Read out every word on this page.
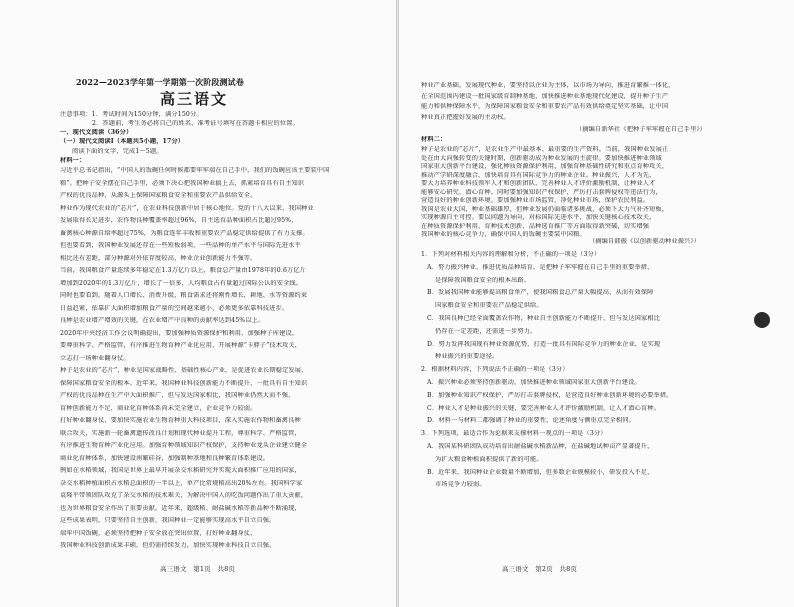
2022—2023学年第一学期第一次阶段测试卷
高三语文
注意事项：1．考试时间为150分钟，满分150分。
2．答题前，考生务必将自己的姓名、准考证号填写在答题卡相应的位置。
一、现代文阅读（36分）
（一）现代文阅读Ⅰ（本题共5小题，17分）
阅读下面的文字，完成1～5题。
材料一：
习近平总书记指出，“中国人的饭碗任何时候都要牢牢端在自己手中，我们的饭碗应该主要装中国
粮”。把种子安全摆在自己手里，必须下决心把我国种业搞上去，抓紧培育具有自主知识
产权的优良品种，从源头上保障国家粮食安全和重要农产品供给安全。
种业作为现代农业的“芯片”，在农业科技创新中居于核心地位。党的十八大以来，我国种业
发展取得长足进步，农作物良种覆盖率超过96%，自主选育品种面积占比超过95%，
畜禽核心种源自给率超过75%，为粮食连年丰收和重要农产品稳定供给提供了有力支撑。
但也要看到，我国种业发展还存在一些短板弱项，一些品种的单产水平与国际先进水平
相比还有差距，部分种源对外依存度较高，种业企业创新能力不强等。
当前，我国粮食产量连续多年稳定在1.3万亿斤以上，粮食总产量由1978年的0.6万亿斤
增加到2020年的1.3万亿斤，增长了一倍多，人均粮食占有量超过国际公认的安全线。
同时也要看到，随着人口增长、消费升级，粮食需求还将刚性增长，耕地、水等资源约束
日益趋紧，依靠扩大面积增加粮食产量的空间越来越小，必须更多依靠科技进步。
良种是农业增产增效的关键，在农业增产中良种的贡献率达到45%以上。
2020年中央经济工作会议明确提出，要加强种质资源保护和利用，加强种子库建设，
要尊重科学、严格监管，有序推进生物育种产业化应用，开展种源“卡脖子”技术攻关，
立志打一场种业翻身仗。
种子是农业的“芯片”，种业是国家战略性、基础性核心产业，是促进农业长期稳定发展、
保障国家粮食安全的根本。近年来，我国种业科技创新能力不断提升，一批具有自主知识
产权的优良品种在生产中大面积推广，但与发达国家相比，我国种业仍然大而不强，
育种创新能力不足，商业化育种体系尚未完全建立，企业竞争力较弱。
打好种业翻身仗，要加快实施农业生物育种重大科技项目，深入实施农作物和畜禽良种
联合攻关，实施新一轮畜禽遗传改良计划和现代种业提升工程，尊重科学、严格监管，
有序推进生物育种产业化应用。加强育种领域知识产权保护，支持种业龙头企业建立健全
商业化育种体系，加快建设南繁硅谷，加强制种基地和良种繁育体系建设。
例如在水稻领域，我国是世界上最早开展杂交水稻研究并实现大面积推广应用的国家，
杂交水稻种植面积占水稻总面积的一半以上，单产比常规稻高出20%左右。我国科学家
袁隆平带领团队攻克了杂交水稻的技术难关，为解决中国人的吃饭问题作出了重大贡献，
也为世界粮食安全作出了重要贡献。近年来，超级稻、耐盐碱水稻等新品种不断涌现，
这些成果表明，只要坚持自主创新，我国种业一定能够实现高水平自立自强。
端牢中国饭碗，必须坚持把种子安全放在突出位置，打好种业翻身仗，
我国种业科技创新成果丰硕，但仍需持续发力，加快实现种业科技自立自强。
高三语文　第1页　共8页
种业产业基础，发展现代种业，要坚持以企业为主体，以市场为导向，推进育繁推一体化，
在全国范围内建设一批国家级育制种基地，加快推进种业基地现代化建设，提升种子生产
能力和供种保障水平，为保障国家粮食安全和重要农产品有效供给奠定坚实基础，让中国
种业真正把握好发展的主动权。
（摘编自新华社《把种子牢牢握在自己手里》）
材料二：
种子是农业的“芯片”，是农业生产中最基本、最重要的生产资料。当前，我国种业发展正
处在由大向强转变的关键时期，创新驱动成为种业发展的主旋律。要加快推进种业领域
国家重大创新平台建设，强化种质资源保护利用，加强育种基础性研究和重点育种攻关，
推动产学研深度融合，加快培育具有国际竞争力的种业企业。种业振兴，人才为先，
要大力培养种业科技领军人才和创新团队，完善种业人才评价激励机制，让种业人才
能够安心研究、潜心育种。同时要加强知识产权保护，严厉打击套牌侵权等违法行为，
营造良好的种业创新环境。要加强种业市场监管，净化种业市场，保护农民利益。
我国是农业大国，种业基础雄厚，但种业发展仍面临诸多挑战，必须下大力气补齐短板，
实现种源自主可控。要以问题为导向，对标国际先进水平，加快关键核心技术攻关，
在种质资源保护利用、育种技术创新、品种选育推广等方面取得新突破，切实增强
我国种业的核心竞争力，确保中国人的饭碗主要装中国粮。
（摘编自韩振《以创新驱动种业振兴》）
1．下列对材料相关内容的理解和分析，不正确的一项是（3分）
A．努力振兴种业，推进优质品种培育，是把种子牢牢握在自己手里的重要举措，
是保障我国粮食安全的根本出路。
B．发展我国种业能够提高粮食单产，使我国粮食总产量大幅提高，从而有效保障
国家粮食安全和重要农产品稳定供给。
C．我国良种已经全面覆盖农作物，种业自主创新能力不断提升，但与发达国家相比
仍存在一定差距，还需进一步努力。
D．努力发挥我国现有种业资源优势，打造一批具有国际竞争力的种业企业，是实现
种业振兴的重要途径。
2．根据材料内容，下列说法不正确的一项是（3分）
A．振兴种业必须坚持创新驱动，加快推进种业领域国家重大创新平台建设。
B．加强种业知识产权保护，严厉打击套牌侵权，是营造良好种业创新环境的必要举措。
C．种业人才是种业振兴的关键，要完善种业人才评价激励机制，让人才潜心育种。
D．材料一与材料二都强调了种业的重要性，论述角度与侧重点完全相同。
3．下列选项，最适合作为论据来支撑材料一观点的一项是（3分）
A．我国某科研团队成功培育出耐盐碱水稻新品种，在盐碱地试种亩产显著提升，
为扩大粮食种植面积提供了新的可能。
B．近年来，我国种业企业数量不断增加，但多数企业规模较小，研发投入不足，
市场竞争力较弱。
高三语文　第2页　共8页
